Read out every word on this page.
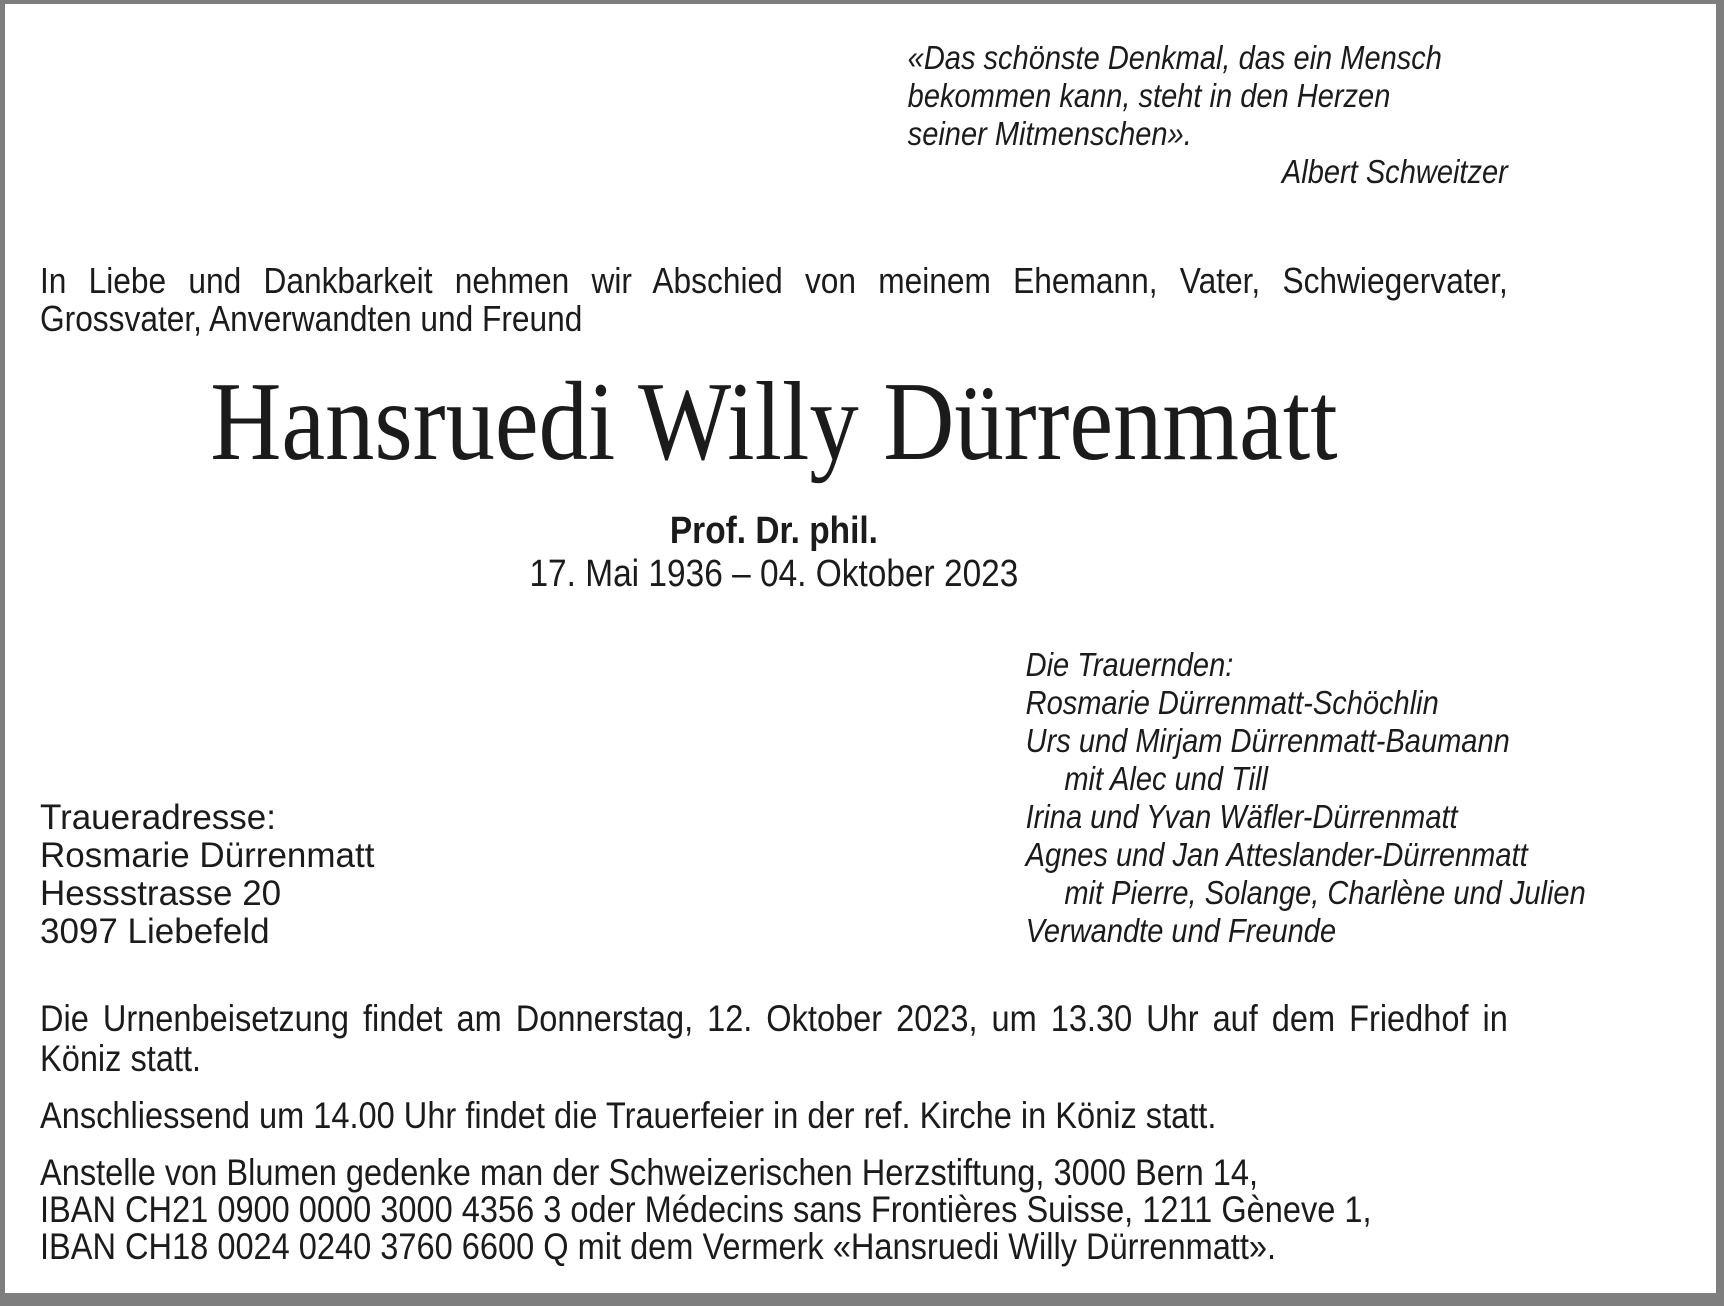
«Das schönste Denkmal, das ein Mensch
bekommen kann, steht in den Herzen
seiner Mitmenschen».
Albert Schweitzer
In Liebe und Dankbarkeit nehmen wir Abschied von meinem Ehemann, Vater, Schwiegervater,
Grossvater, Anverwandten und Freund
Hansruedi Willy Dürrenmatt
Prof. Dr. phil.
17. Mai 1936 – 04. Oktober 2023
Die Trauernden:
Rosmarie Dürrenmatt-Schöchlin
Urs und Mirjam Dürrenmatt-Baumann
mit Alec und Till
Irina und Yvan Wäfler-Dürrenmatt
Agnes und Jan Atteslander-Dürrenmatt
mit Pierre, Solange, Charlène und Julien
Verwandte und Freunde
Traueradresse:
Rosmarie Dürrenmatt
Hessstrasse 20
3097 Liebefeld
Die Urnenbeisetzung findet am Donnerstag, 12. Oktober 2023, um 13.30 Uhr auf dem Friedhof in
Köniz statt.
Anschliessend um 14.00 Uhr findet die Trauerfeier in der ref. Kirche in Köniz statt.
Anstelle von Blumen gedenke man der Schweizerischen Herzstiftung, 3000 Bern 14,
IBAN CH21 0900 0000 3000 4356 3 oder Médecins sans Frontières Suisse, 1211 Gèneve 1,
IBAN CH18 0024 0240 3760 6600 Q mit dem Vermerk «Hansruedi Willy Dürrenmatt».
